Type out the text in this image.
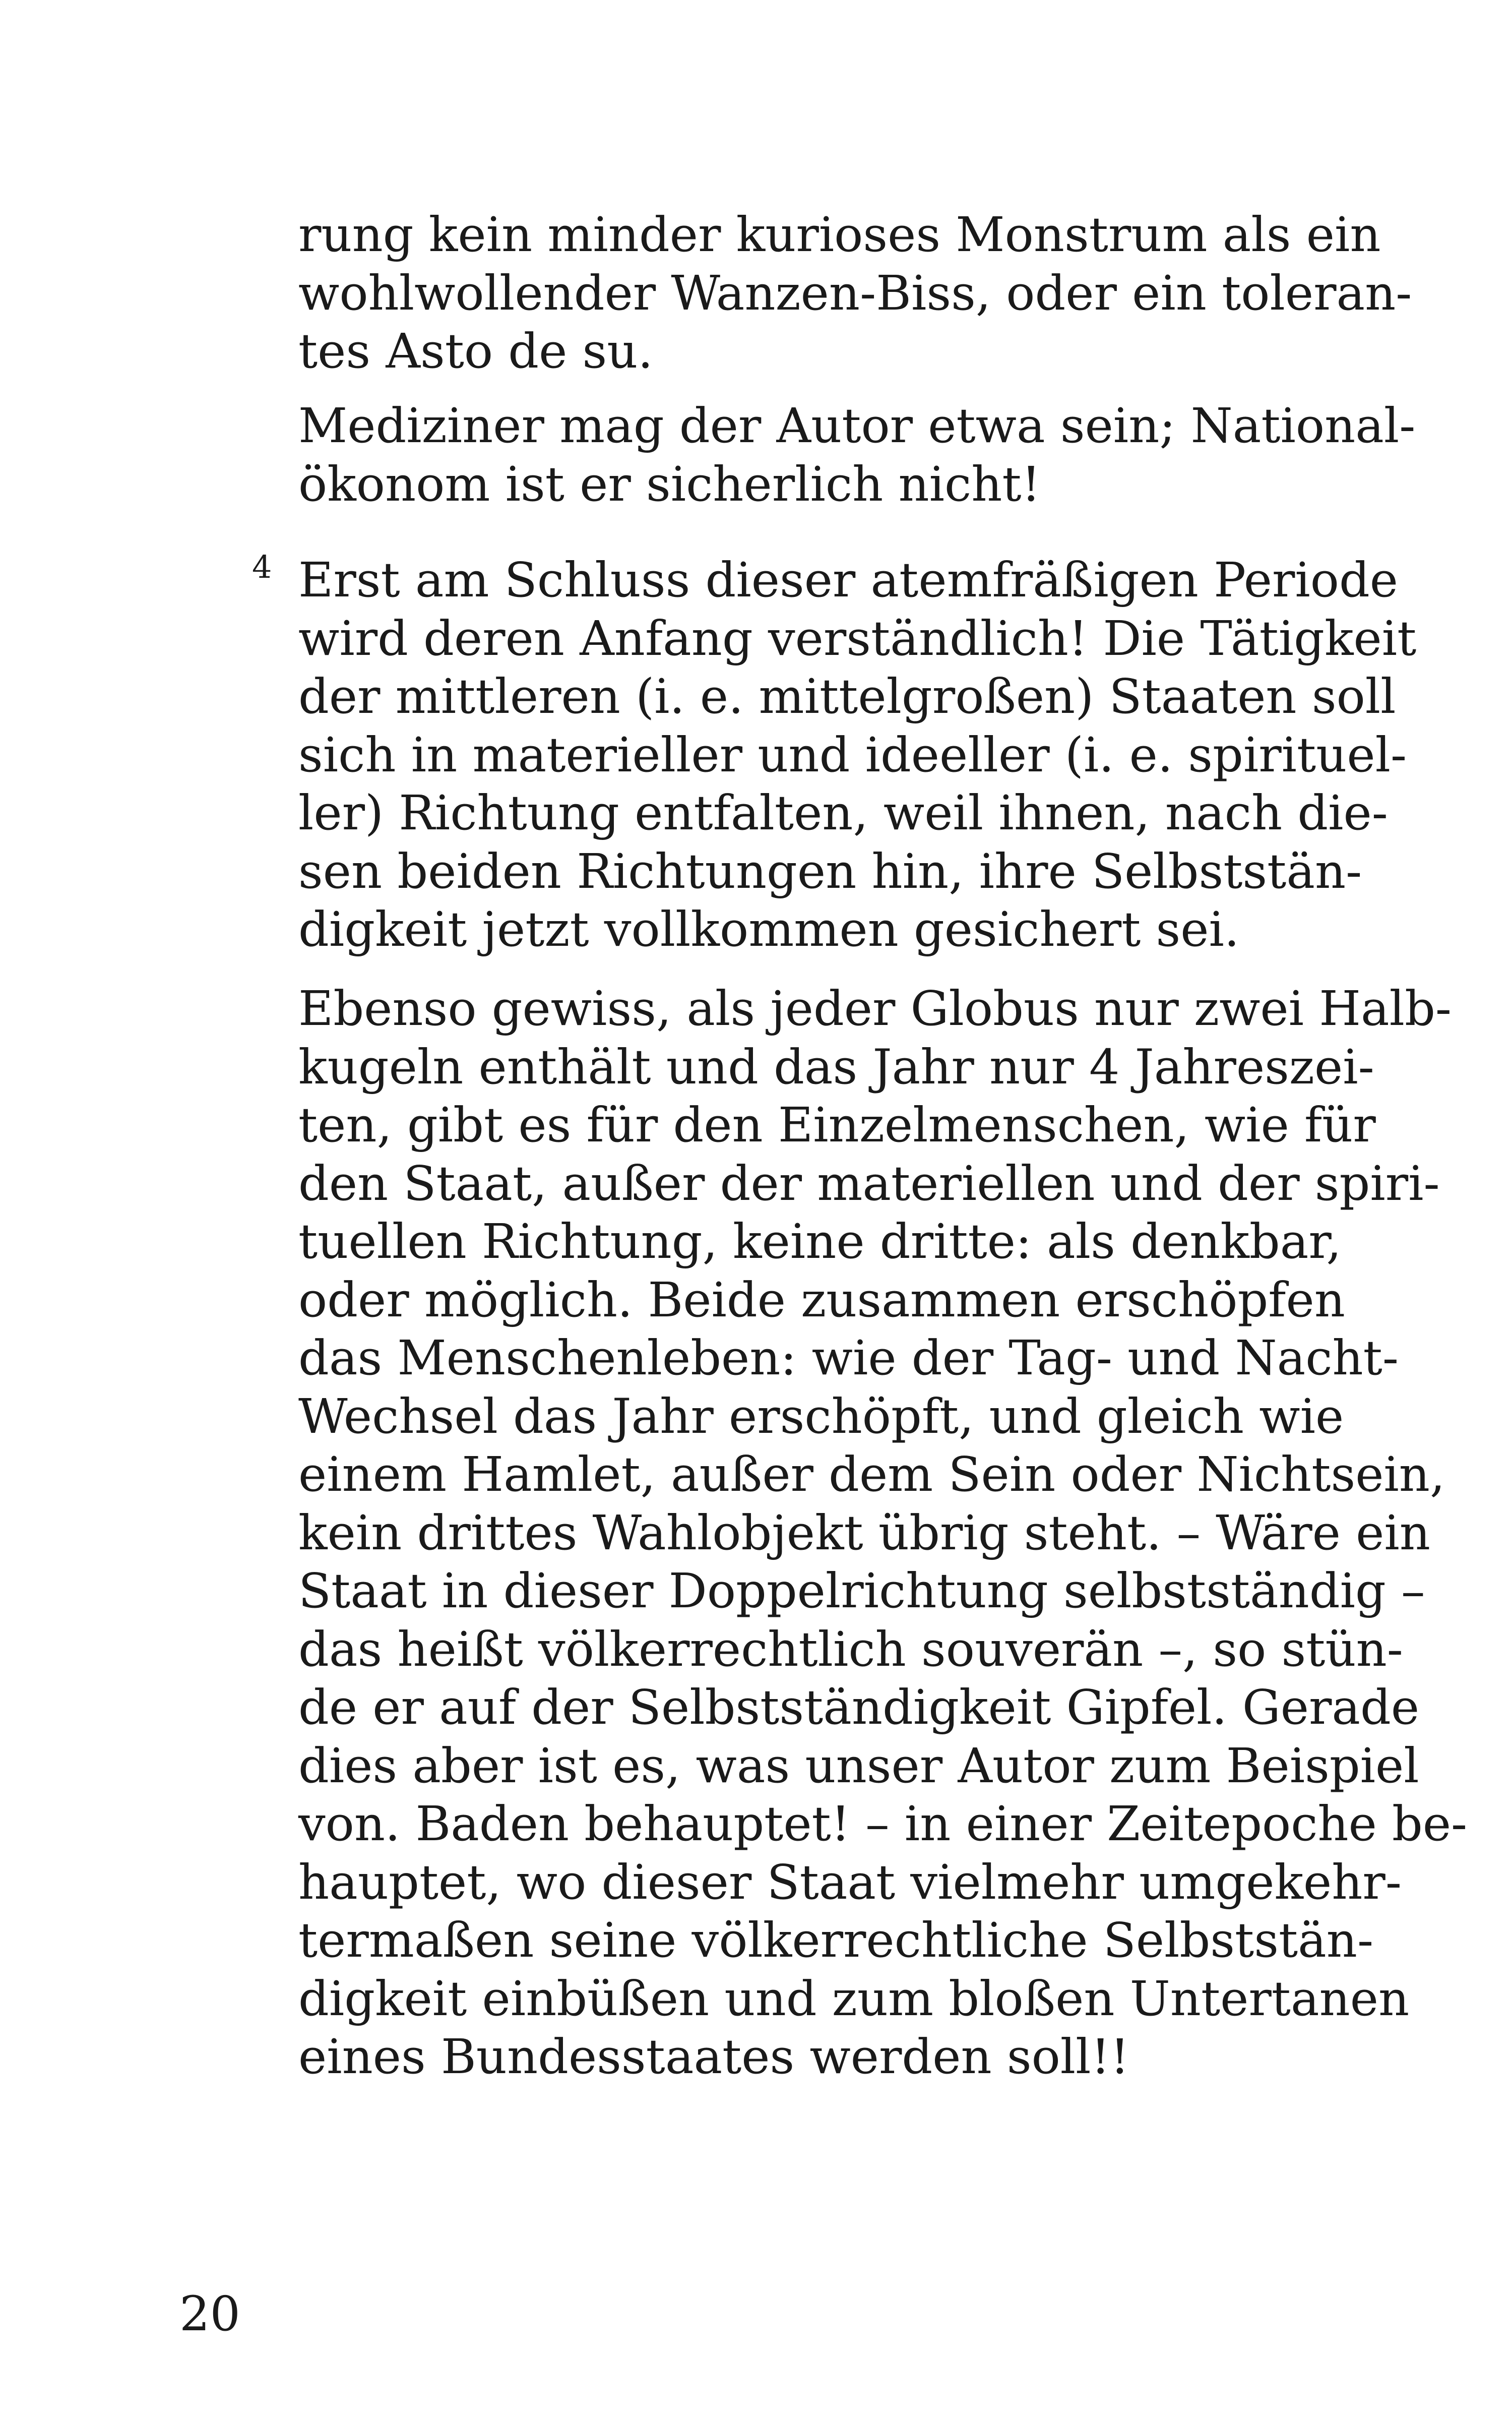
rung kein minder kurioses Monstrum als ein
wohlwollender Wanzen-Biss, oder ein toleran-
tes Asto de su.

Mediziner mag der Autor etwa sein; National-
ökonom ist er sicherlich nicht!

4 Erst am Schluss dieser atemfräßigen Periode
wird deren Anfang verständlich! Die Tätigkeit
der mittleren (i. e. mittelgroßen) Staaten soll
sich in materieller und ideeller (i. e. spirituel-
ler) Richtung entfalten, weil ihnen, nach die-
sen beiden Richtungen hin, ihre Selbststän-
digkeit jetzt vollkommen gesichert sei.

Ebenso gewiss, als jeder Globus nur zwei Halb-
kugeln enthält und das Jahr nur 4 Jahreszei-
ten, gibt es für den Einzelmenschen, wie für
den Staat, außer der materiellen und der spiri-
tuellen Richtung, keine dritte: als denkbar,
oder möglich. Beide zusammen erschöpfen
das Menschenleben: wie der Tag- und Nacht-
Wechsel das Jahr erschöpft, und gleich wie
einem Hamlet, außer dem Sein oder Nichtsein,
kein drittes Wahlobjekt übrig steht. – Wäre ein
Staat in dieser Doppelrichtung selbstständig –
das heißt völkerrechtlich souverän –, so stün-
de er auf der Selbstständigkeit Gipfel. Gerade
dies aber ist es, was unser Autor zum Beispiel
von. Baden behauptet! – in einer Zeitepoche be-
hauptet, wo dieser Staat vielmehr umgekehr-
termaßen seine völkerrechtliche Selbststän-
digkeit einbüßen und zum bloßen Untertanen
eines Bundesstaates werden soll!!

20
